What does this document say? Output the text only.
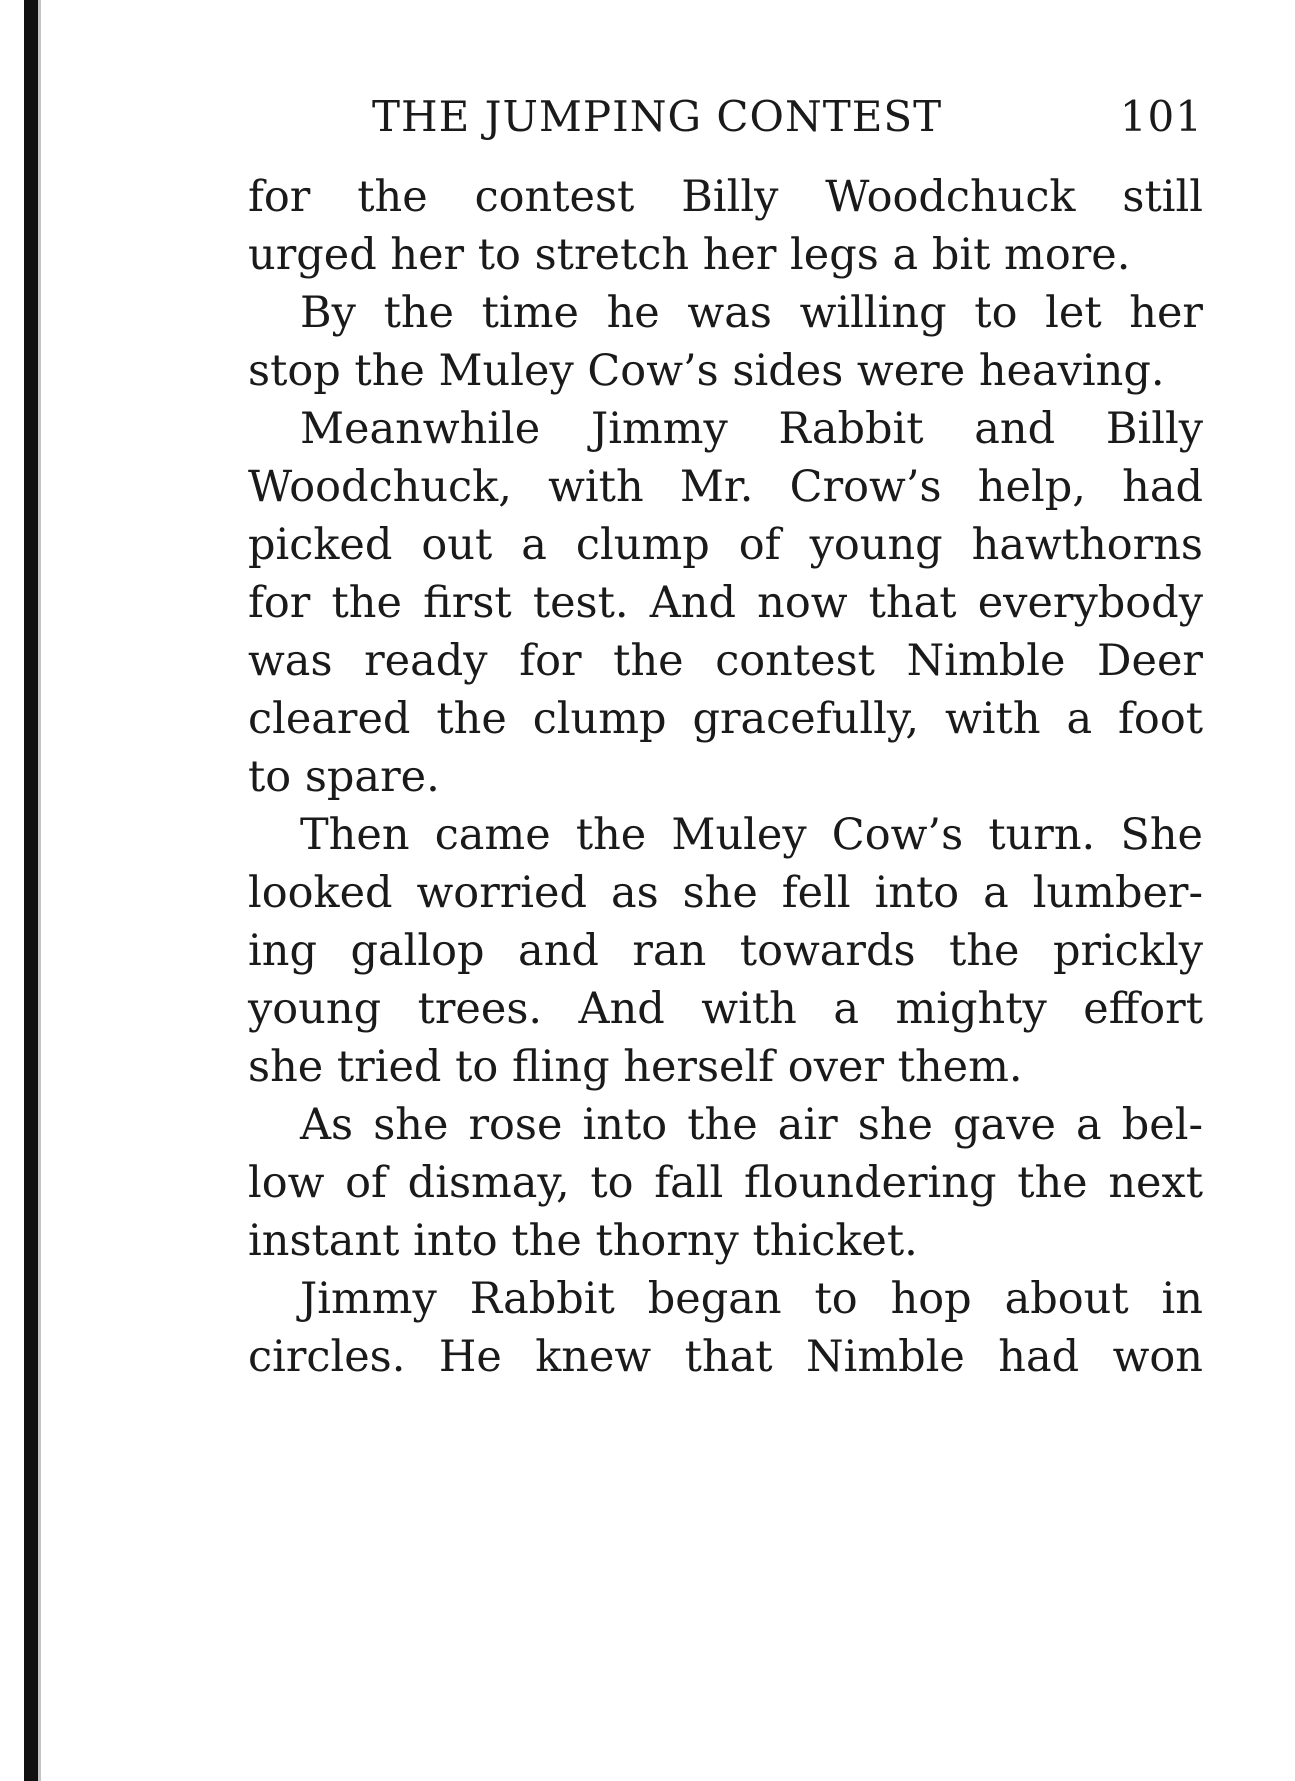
THE JUMPING CONTEST	101
for the contest Billy Woodchuck still
urged her to stretch her legs a bit more.
By the time he was willing to let her
stop the Muley Cow’s sides were heaving.
Meanwhile Jimmy Rabbit and Billy
Woodchuck, with Mr. Crow’s help, had
picked out a clump of young hawthorns
for the first test. And now that everybody
was ready for the contest Nimble Deer
cleared the clump gracefully, with a foot
to spare.
Then came the Muley Cow’s turn. She
looked worried as she fell into a lumber-
ing gallop and ran towards the prickly
young trees. And with a mighty effort
she tried to fling herself over them.
As she rose into the air she gave a bel-
low of dismay, to fall floundering the next
instant into the thorny thicket.
Jimmy Rabbit began to hop about in
circles. He knew that Nimble had won
